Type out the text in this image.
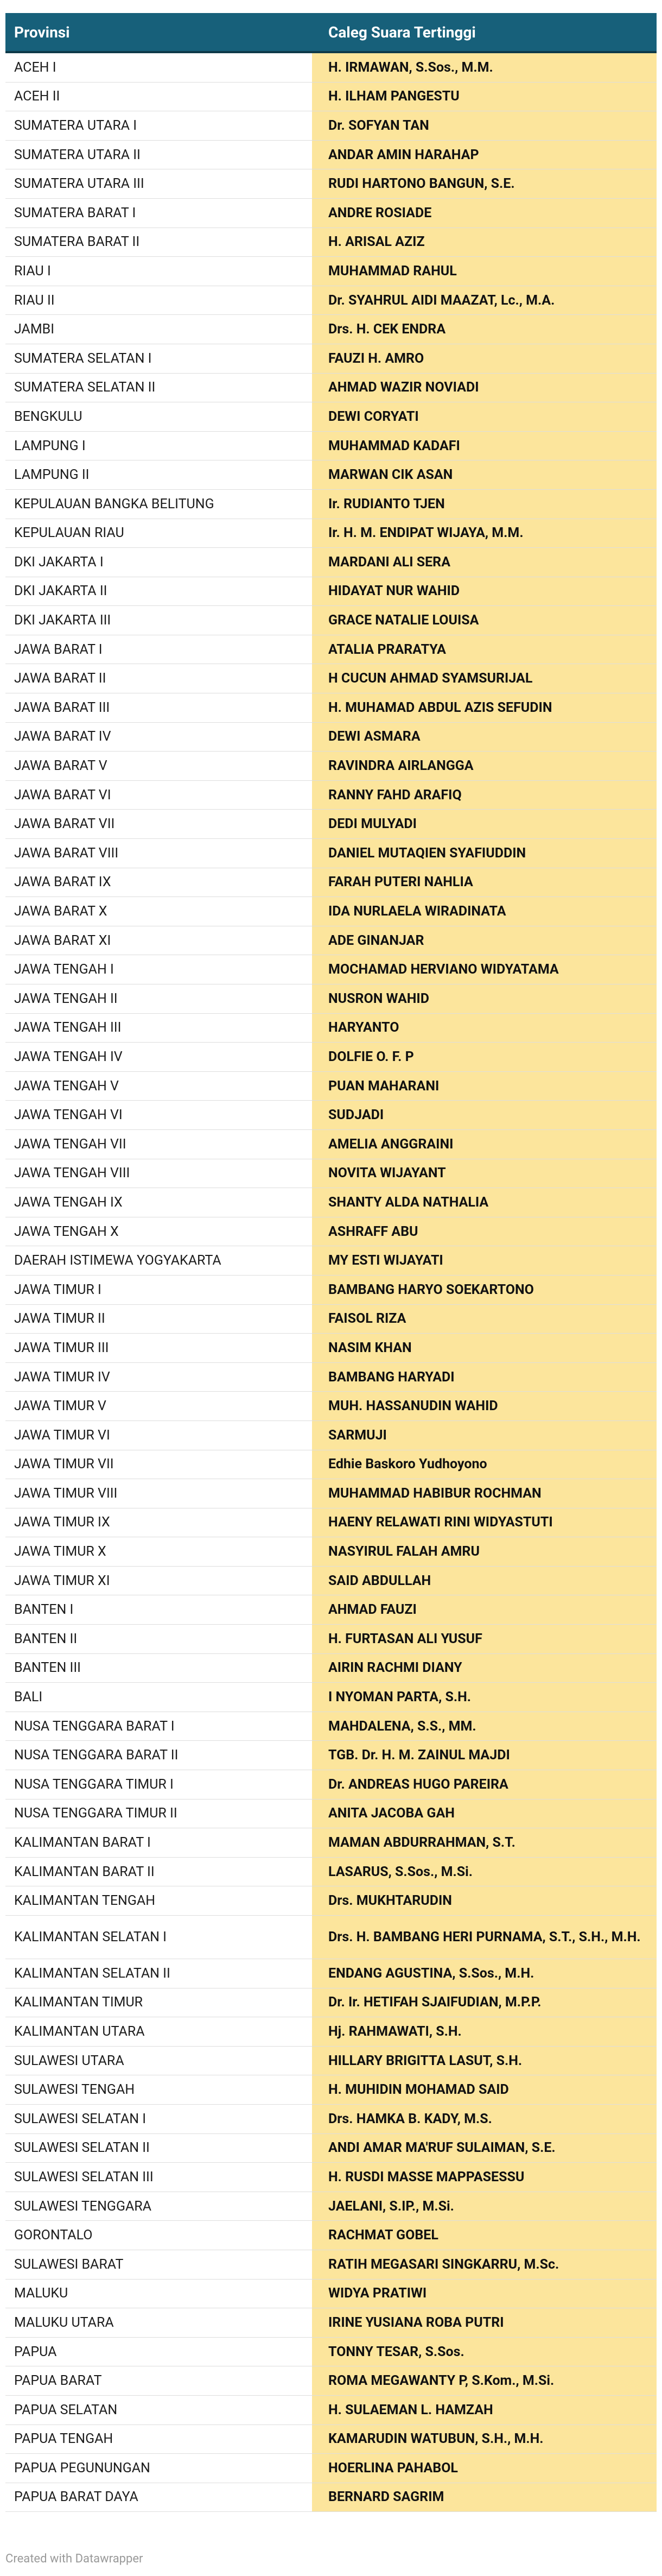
Provinsi	Caleg Suara Tertinggi
ACEH I	H. IRMAWAN, S.Sos., M.M.
ACEH II	H. ILHAM PANGESTU
SUMATERA UTARA I	Dr. SOFYAN TAN
SUMATERA UTARA II	ANDAR AMIN HARAHAP
SUMATERA UTARA III	RUDI HARTONO BANGUN, S.E.
SUMATERA BARAT I	ANDRE ROSIADE
SUMATERA BARAT II	H. ARISAL AZIZ
RIAU I	MUHAMMAD RAHUL
RIAU II	Dr. SYAHRUL AIDI MAAZAT, Lc., M.A.
JAMBI	Drs. H. CEK ENDRA
SUMATERA SELATAN I	FAUZI H. AMRO
SUMATERA SELATAN II	AHMAD WAZIR NOVIADI
BENGKULU	DEWI CORYATI
LAMPUNG I	MUHAMMAD KADAFI
LAMPUNG II	MARWAN CIK ASAN
KEPULAUAN BANGKA BELITUNG	Ir. RUDIANTO TJEN
KEPULAUAN RIAU	Ir. H. M. ENDIPAT WIJAYA, M.M.
DKI JAKARTA I	MARDANI ALI SERA
DKI JAKARTA II	HIDAYAT NUR WAHID
DKI JAKARTA III	GRACE NATALIE LOUISA
JAWA BARAT I	ATALIA PRARATYA
JAWA BARAT II	H CUCUN AHMAD SYAMSURIJAL
JAWA BARAT III	H. MUHAMAD ABDUL AZIS SEFUDIN
JAWA BARAT IV	DEWI ASMARA
JAWA BARAT V	RAVINDRA AIRLANGGA
JAWA BARAT VI	RANNY FAHD ARAFIQ
JAWA BARAT VII	DEDI MULYADI
JAWA BARAT VIII	DANIEL MUTAQIEN SYAFIUDDIN
JAWA BARAT IX	FARAH PUTERI NAHLIA
JAWA BARAT X	IDA NURLAELA WIRADINATA
JAWA BARAT XI	ADE GINANJAR
JAWA TENGAH I	MOCHAMAD HERVIANO WIDYATAMA
JAWA TENGAH II	NUSRON WAHID
JAWA TENGAH III	HARYANTO
JAWA TENGAH IV	DOLFIE O. F. P
JAWA TENGAH V	PUAN MAHARANI
JAWA TENGAH VI	SUDJADI
JAWA TENGAH VII	AMELIA ANGGRAINI
JAWA TENGAH VIII	NOVITA WIJAYANT
JAWA TENGAH IX	SHANTY ALDA NATHALIA
JAWA TENGAH X	ASHRAFF ABU
DAERAH ISTIMEWA YOGYAKARTA	MY ESTI WIJAYATI
JAWA TIMUR I	BAMBANG HARYO SOEKARTONO
JAWA TIMUR II	FAISOL RIZA
JAWA TIMUR III	NASIM KHAN
JAWA TIMUR IV	BAMBANG HARYADI
JAWA TIMUR V	MUH. HASSANUDIN WAHID
JAWA TIMUR VI	SARMUJI
JAWA TIMUR VII	Edhie Baskoro Yudhoyono
JAWA TIMUR VIII	MUHAMMAD HABIBUR ROCHMAN
JAWA TIMUR IX	HAENY RELAWATI RINI WIDYASTUTI
JAWA TIMUR X	NASYIRUL FALAH AMRU
JAWA TIMUR XI	SAID ABDULLAH
BANTEN I	AHMAD FAUZI
BANTEN II	H. FURTASAN ALI YUSUF
BANTEN III	AIRIN RACHMI DIANY
BALI	I NYOMAN PARTA, S.H.
NUSA TENGGARA BARAT I	MAHDALENA, S.S., MM.
NUSA TENGGARA BARAT II	TGB. Dr. H. M. ZAINUL MAJDI
NUSA TENGGARA TIMUR I	Dr. ANDREAS HUGO PAREIRA
NUSA TENGGARA TIMUR II	ANITA JACOBA GAH
KALIMANTAN BARAT I	MAMAN ABDURRAHMAN, S.T.
KALIMANTAN BARAT II	LASARUS, S.Sos., M.Si.
KALIMANTAN TENGAH	Drs. MUKHTARUDIN
KALIMANTAN SELATAN I	Drs. H. BAMBANG HERI PURNAMA, S.T., S.H., M.H.
KALIMANTAN SELATAN II	ENDANG AGUSTINA, S.Sos., M.H.
KALIMANTAN TIMUR	Dr. Ir. HETIFAH SJAIFUDIAN, M.P.P.
KALIMANTAN UTARA	Hj. RAHMAWATI, S.H.
SULAWESI UTARA	HILLARY BRIGITTA LASUT, S.H.
SULAWESI TENGAH	H. MUHIDIN MOHAMAD SAID
SULAWESI SELATAN I	Drs. HAMKA B. KADY, M.S.
SULAWESI SELATAN II	ANDI AMAR MA'RUF SULAIMAN, S.E.
SULAWESI SELATAN III	H. RUSDI MASSE MAPPASESSU
SULAWESI TENGGARA	JAELANI, S.IP., M.Si.
GORONTALO	RACHMAT GOBEL
SULAWESI BARAT	RATIH MEGASARI SINGKARRU, M.Sc.
MALUKU	WIDYA PRATIWI
MALUKU UTARA	IRINE YUSIANA ROBA PUTRI
PAPUA	TONNY TESAR, S.Sos.
PAPUA BARAT	ROMA MEGAWANTY P, S.Kom., M.Si.
PAPUA SELATAN	H. SULAEMAN L. HAMZAH
PAPUA TENGAH	KAMARUDIN WATUBUN, S.H., M.H.
PAPUA PEGUNUNGAN	HOERLINA PAHABOL
PAPUA BARAT DAYA	BERNARD SAGRIM
Created with Datawrapper
